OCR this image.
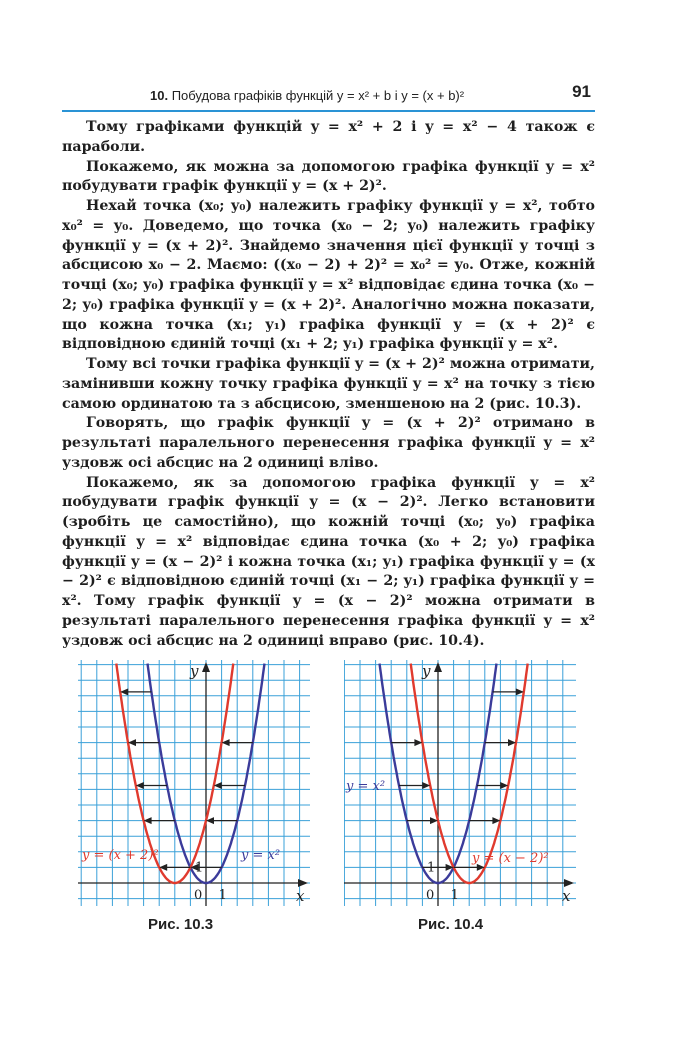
10. Побудова графіків функцій y = x² + b і y = (x + b)²	91

Тому графіками функцій y = x² + 2 і y = x² − 4 також є параболи.

Покажемо, як можна за допомогою графіка функції y = x² побудувати графік функції y = (x + 2)².

Нехай точка (x₀; y₀) належить графіку функції y = x², тобто x₀² = y₀. Доведемо, що точка (x₀ − 2; y₀) належить графіку функції y = (x + 2)². Знайдемо значення цієї функції у точці з абсцисою x₀ − 2. Маємо: ((x₀ − 2) + 2)² = x₀² = y₀. Отже, кожній точці (x₀; y₀) графіка функції y = x² відповідає єдина точка (x₀ − 2; y₀) графіка функції y = (x + 2)². Аналогічно можна показати, що кожна точка (x₁; y₁) графіка функції y = (x + 2)² є відповідною єдиній точці (x₁ + 2; y₁) графіка функції y = x².

Тому всі точки графіка функції y = (x + 2)² можна отримати, замінивши кожну точку графіка функції y = x² на точку з тією самою ординатою та з абсцисою, зменшеною на 2 (рис. 10.3).

Говорять, що графік функції y = (x + 2)² отримано в результаті паралельного перенесення графіка функції y = x² уздовж осі абсцис на 2 одиниці вліво.

Покажемо, як за допомогою графіка функції y = x² побудувати графік функції y = (x − 2)². Легко встановити (зробіть це самостійно), що кожній точці (x₀; y₀) графіка функції y = x² відповідає єдина точка (x₀ + 2; y₀) графіка функції y = (x − 2)² і кожна точка (x₁; y₁) графіка функції y = (x − 2)² є відповідною єдиній точці (x₁ − 2; y₁) графіка функції y = x². Тому графік функції y = (x − 2)² можна отримати в результаті паралельного перенесення графіка функції y = x² уздовж осі абсцис на 2 одиниці вправо (рис. 10.4).

y
x
0 1
1
y = (x + 2)²	y = x²
Рис. 10.3
y
x
0 1
1
y = x²
y = (x − 2)²
Рис. 10.4
